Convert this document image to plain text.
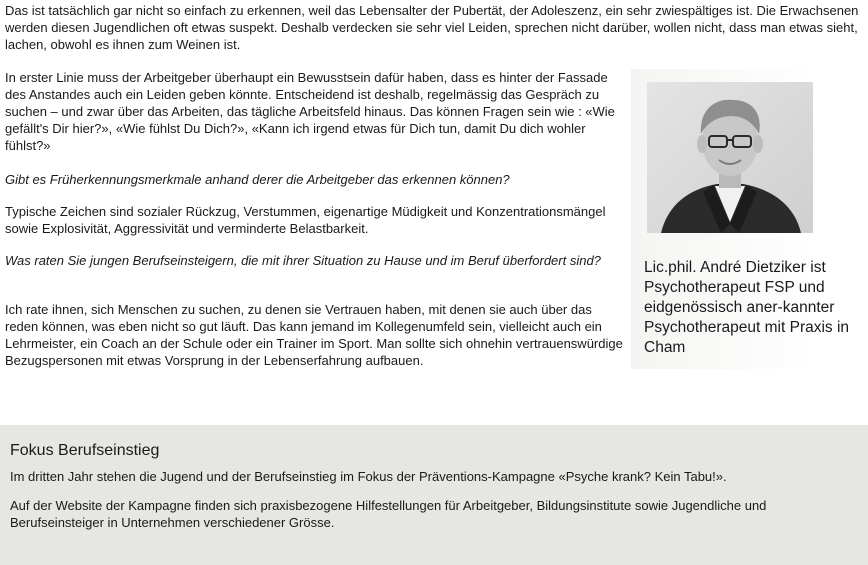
Das ist tatsächlich gar nicht so einfach zu erkennen, weil das Lebensalter der Pubertät, der Adoleszenz, ein sehr zwiespältiges ist. Die Erwachsenen werden diesen Jugendlichen oft etwas suspekt. Deshalb verdecken sie sehr viel Leiden, sprechen nicht darüber, wollen nicht, dass man etwas sieht, lachen, obwohl es ihnen zum Weinen ist.

In erster Linie muss der Arbeitgeber überhaupt ein Bewusstsein dafür haben, dass es hinter der Fassade des Anstandes auch ein Leiden geben könnte. Entscheidend ist deshalb, regelmässig das Gespräch zu suchen – und zwar über das Arbeiten, das tägliche Arbeitsfeld hinaus. Das können Fragen sein wie : «Wie gefällt's Dir hier?», «Wie fühlst Du Dich?», «Kann ich irgend etwas für Dich tun, damit Du dich wohler fühlst?»

Gibt es Früherkennungsmerkmale anhand derer die Arbeitgeber das erkennen können?

Typische Zeichen sind sozialer Rückzug, Verstummen, eigenartige Müdigkeit und Konzentrationsmängel sowie Explosivität, Aggressivität und verminderte Belastbarkeit.

Was raten Sie jungen Berufseinsteigern, die mit ihrer Situation zu Hause und im Beruf überfordert sind?

Ich rate ihnen, sich Menschen zu suchen, zu denen sie Vertrauen haben, mit denen sie auch über das reden können, was eben nicht so gut läuft. Das kann jemand im Kollegenumfeld sein, vielleicht auch ein Lehrmeister, ein Coach an der Schule oder ein Trainer im Sport. Man sollte sich ohnehin vertrauenswürdige Bezugspersonen mit etwas Vorsprung in der Lebenserfahrung aufbauen.

Lic.phil. André Dietziker ist Psychotherapeut FSP und eidgenössisch aner-kannter Psychotherapeut mit Praxis in Cham
Fokus Berufseinstieg

Im dritten Jahr stehen die Jugend und der Berufseinstieg im Fokus der Präventions-Kampagne «Psyche krank? Kein Tabu!».

Auf der Website der Kampagne finden sich praxisbezogene Hilfestellungen für Arbeitgeber, Bildungsinstitute sowie Jugendliche und Berufseinsteiger in Unternehmen verschiedener Grösse.
